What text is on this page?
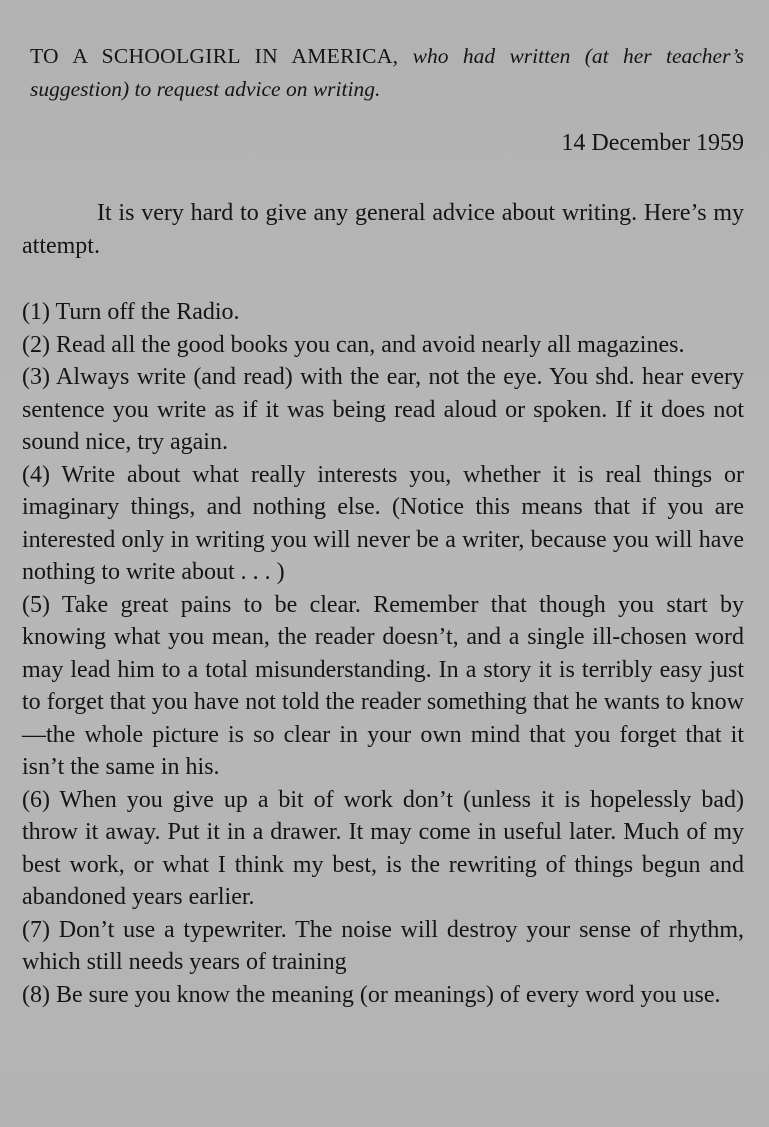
TO A SCHOOLGIRL IN AMERICA, who had written (at her teacher’s suggestion) to request advice on writing.
14 December 1959
It is very hard to give any general advice about writing. Here’s my attempt.

(1) Turn off the Radio.

(2) Read all the good books you can, and avoid nearly all magazines.

(3) Always write (and read) with the ear, not the eye. You shd. hear every sentence you write as if it was being read aloud or spoken. If it does not sound nice, try again.

(4) Write about what really interests you, whether it is real things or imaginary things, and nothing else. (Notice this means that if you are interested only in writing you will never be a writer, because you will have nothing to write about . . . )

(5) Take great pains to be clear. Remember that though you start by knowing what you mean, the reader doesn’t, and a single ill-chosen word may lead him to a total misunderstanding. In a story it is terribly easy just to forget that you have not told the reader something that he wants to know—the whole picture is so clear in your own mind that you forget that it isn’t the same in his.

(6) When you give up a bit of work don’t (unless it is hopelessly bad) throw it away. Put it in a drawer. It may come in useful later. Much of my best work, or what I think my best, is the rewriting of things begun and abandoned years earlier.

(7) Don’t use a typewriter. The noise will destroy your sense of rhythm, which still needs years of training

(8) Be sure you know the meaning (or meanings) of every word you use.
